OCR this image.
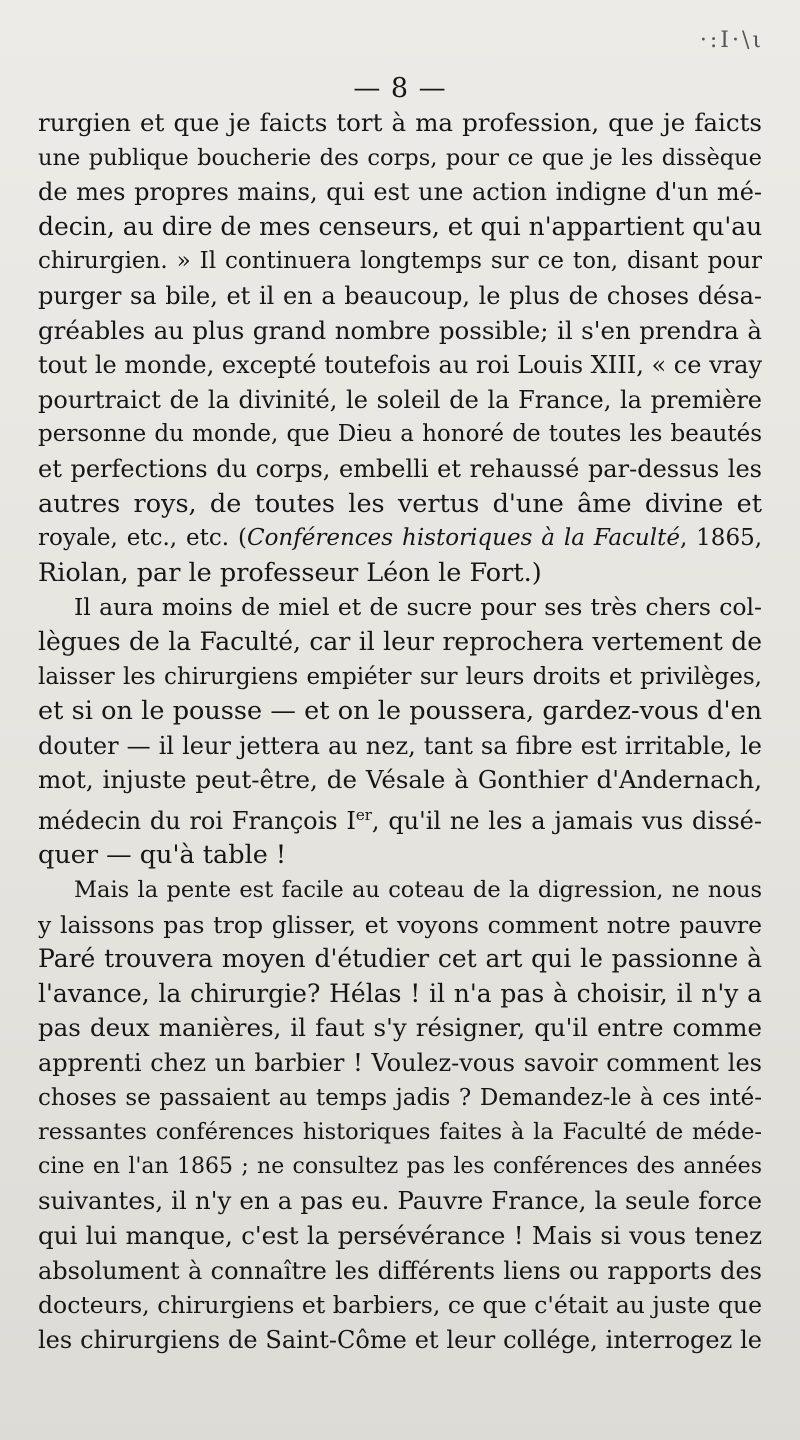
·:Ι·\ι
— 8 —
rurgien et que je faicts tort à ma profession, que je faicts
une publique boucherie des corps, pour ce que je les dissèque
de mes propres mains, qui est une action indigne d'un mé-
decin, au dire de mes censeurs, et qui n'appartient qu'au
chirurgien. » Il continuera longtemps sur ce ton, disant pour
purger sa bile, et il en a beaucoup, le plus de choses désa-
gréables au plus grand nombre possible; il s'en prendra à
tout le monde, excepté toutefois au roi Louis XIII, « ce vray
pourtraict de la divinité, le soleil de la France, la première
personne du monde, que Dieu a honoré de toutes les beautés
et perfections du corps, embelli et rehaussé par-dessus les
autres roys, de toutes les vertus d'une âme divine et
royale, etc., etc. (Conférences historiques à la Faculté, 1865,
Riolan, par le professeur Léon le Fort.)
Il aura moins de miel et de sucre pour ses très chers col-
lègues de la Faculté, car il leur reprochera vertement de
laisser les chirurgiens empiéter sur leurs droits et privilèges,
et si on le pousse — et on le poussera, gardez-vous d'en
douter — il leur jettera au nez, tant sa fibre est irritable, le
mot, injuste peut-être, de Vésale à Gonthier d'Andernach,
médecin du roi François Ier, qu'il ne les a jamais vus dissé-
quer — qu'à table !
Mais la pente est facile au coteau de la digression, ne nous
y laissons pas trop glisser, et voyons comment notre pauvre
Paré trouvera moyen d'étudier cet art qui le passionne à
l'avance, la chirurgie? Hélas ! il n'a pas à choisir, il n'y a
pas deux manières, il faut s'y résigner, qu'il entre comme
apprenti chez un barbier ! Voulez-vous savoir comment les
choses se passaient au temps jadis ? Demandez-le à ces inté-
ressantes conférences historiques faites à la Faculté de méde-
cine en l'an 1865 ; ne consultez pas les conférences des années
suivantes, il n'y en a pas eu. Pauvre France, la seule force
qui lui manque, c'est la persévérance ! Mais si vous tenez
absolument à connaître les différents liens ou rapports des
docteurs, chirurgiens et barbiers, ce que c'était au juste que
les chirurgiens de Saint-Côme et leur collége, interrogez le
